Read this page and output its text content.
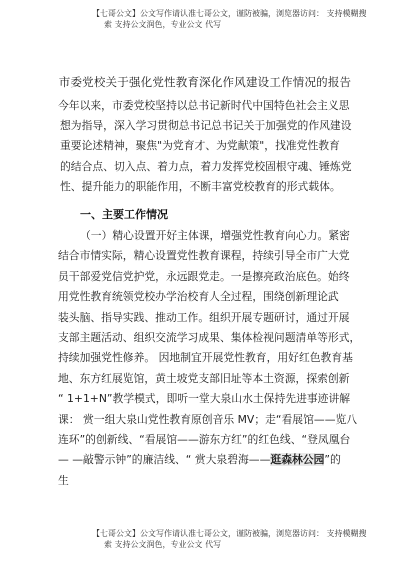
【七哥公文】公文写作请认准七哥公文，谨防被骗，浏览器访问： 支持模糊搜
索 支持公文润色，专业公文 代写
市委党校关于强化党性教育深化作风建设工作情况的报告
今年以来，市委党校坚持以总书记新时代中国特色社会主义思
想为指导，深入学习贯彻总书记总书记关于加强党的作风建设
重要论述精神，聚焦"为党育才、为党献策"，找准党性教育
的结合点、切入点、着力点，着力发挥党校固根守魂、锤炼党
性、提升能力的职能作用，不断丰富党校教育的形式载体。
一、主要工作情况
（一）精心设置开好主体课，增强党性教育向心力。紧密
结合市情实际，精心设置党性教育课程，持续引导全市广大党
员干部爱党信党护党，永远跟党走。一是擦亮政治底色。始终
用党性教育统领党校办学治校育人全过程，围绕创新理论武
装头脑、指导实践、推动工作。组织开展专题研讨，通过开展
支部主题活动、组织交流学习成果、集体检视问题清单等形式，
持续加强党性修养。 因地制宜开展党性教育，用好红色教育基
地、东方红展览馆，黄土坡党支部旧址等本土资源，探索创新
“ 1+1+N”教学模式，即听一堂大泉山水土保持先进事迹讲解
课： 赏一组大泉山党性教育原创音乐 MV；走“看展馆——览八
连环”的创新线、“看展馆——游东方红”的红色线、“登凤凰台
— —敲警示钟”的廉洁线、“ 赏大泉碧海——逛森林公园”的
生
【七哥公文】公文写作请认准七哥公文，谨防被骗，浏览器访问： 支持模糊搜
索 支持公文润色，专业公文 代写
